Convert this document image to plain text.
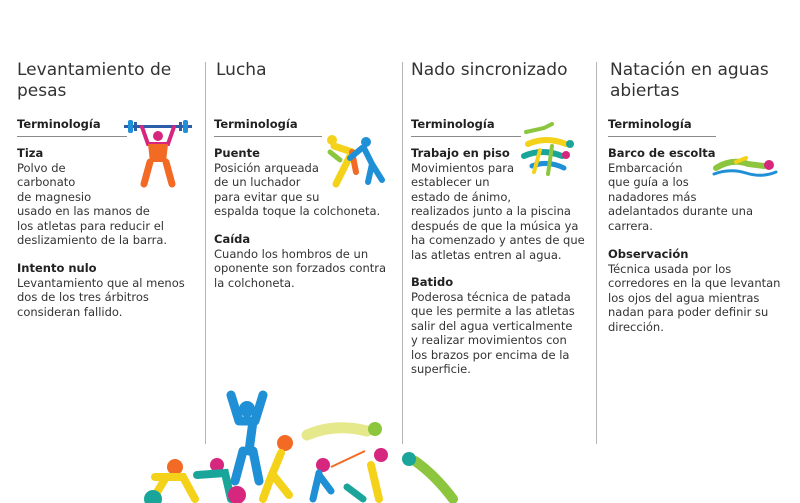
Levantamiento de
pesas
Terminología
Tiza
Polvo de
carbonato
de magnesio
usado en las manos de
los atletas para reducir el
deslizamiento de la barra.
Intento nulo
Levantamiento que al menos
dos de los tres árbitros
consideran fallido.
Lucha
Terminología
Puente
Posición arqueada
de un luchador
para evitar que su
espalda toque la colchoneta.
Caída
Cuando los hombros de un
oponente son forzados contra
la colchoneta.
Nado sincronizado
Terminología
Trabajo en piso
Movimientos para
establecer un
estado de ánimo,
realizados junto a la piscina
después de que la música ya
ha comenzado y antes de que
las atletas entren al agua.
Batido
Poderosa técnica de patada
que les permite a las atletas
salir del agua verticalmente
y realizar movimientos con
los brazos por encima de la
superficie.
Natación en aguas
abiertas
Terminología
Barco de escolta
Embarcación
que guía a los
nadadores más
adelantados durante una
carrera.
Observación
Técnica usada por los
corredores en la que levantan
los ojos del agua mientras
nadan para poder definir su
dirección.
